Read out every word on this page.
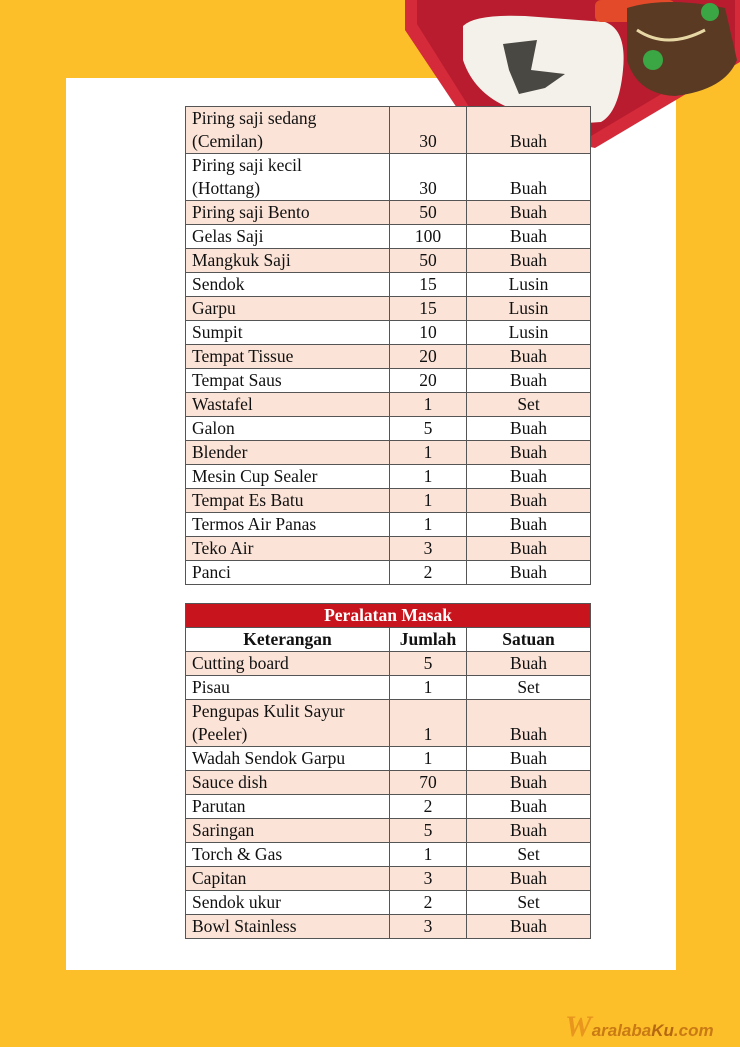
Piring saji sedang
(Cemilan)	30	Buah

Piring saji kecil
(Hottang)	30	Buah
Piring saji Bento	50	Buah
Gelas Saji	100	Buah
Mangkuk Saji	50	Buah
Sendok	15	Lusin
Garpu	15	Lusin
Sumpit	10	Lusin
Tempat Tissue	20	Buah
Tempat Saus	20	Buah
Wastafel	1	Set
Galon	5	Buah
Blender	1	Buah
Mesin Cup Sealer	1	Buah
Tempat Es Batu	1	Buah
Termos Air Panas	1	Buah
Teko Air	3	Buah
Panci	2	Buah
Peralatan Masak		
Keterangan	Jumlah	Satuan
Cutting board	5	Buah
Pisau	1	Set

Pengupas Kulit Sayur
(Peeler)	1	Buah
Wadah Sendok Garpu	1	Buah
Sauce dish	70	Buah
Parutan	2	Buah
Saringan	5	Buah
Torch & Gas	1	Set
Capitan	3	Buah
Sendok ukur	2	Set
Bowl Stainless	3	Buah
WaralabaKu.com
